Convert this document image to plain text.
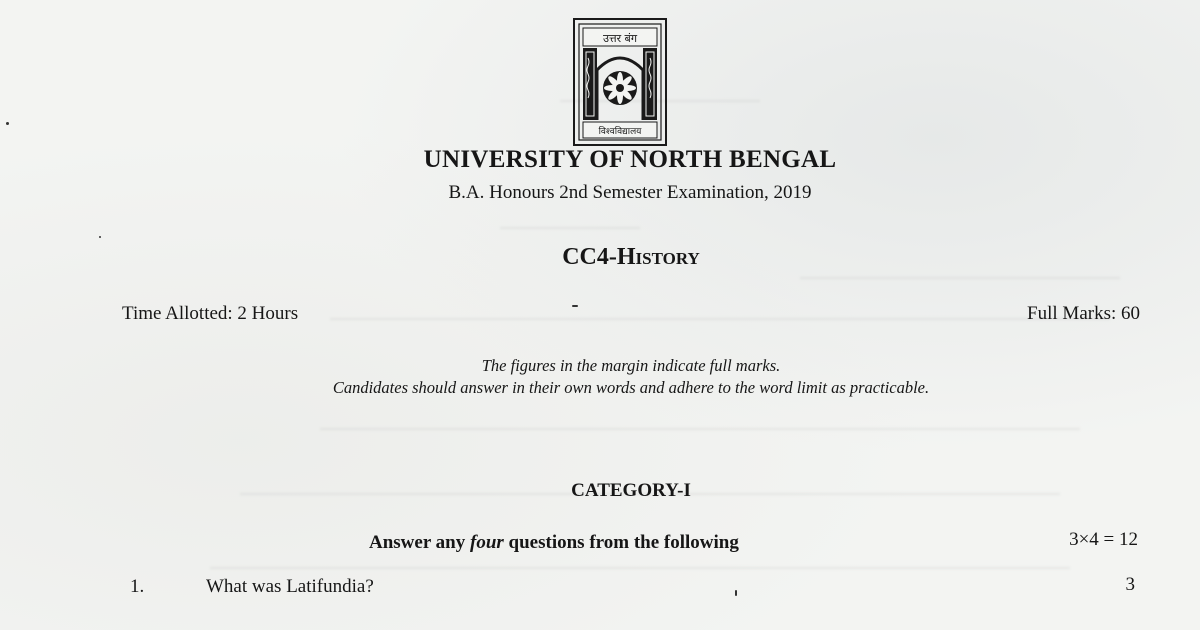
उत्तर बंग
विश्वविद्यालय
UNIVERSITY OF NORTH BENGAL
B.A. Honours 2nd Semester Examination, 2019
CC4-History
Time Allotted: 2 Hours	Full Marks: 60
The figures in the margin indicate full marks.
Candidates should answer in their own words and adhere to the word limit as practicable.
CATEGORY-I
Answer any four questions from the following	3×4 = 12
1.	What was Latifundia?	3
